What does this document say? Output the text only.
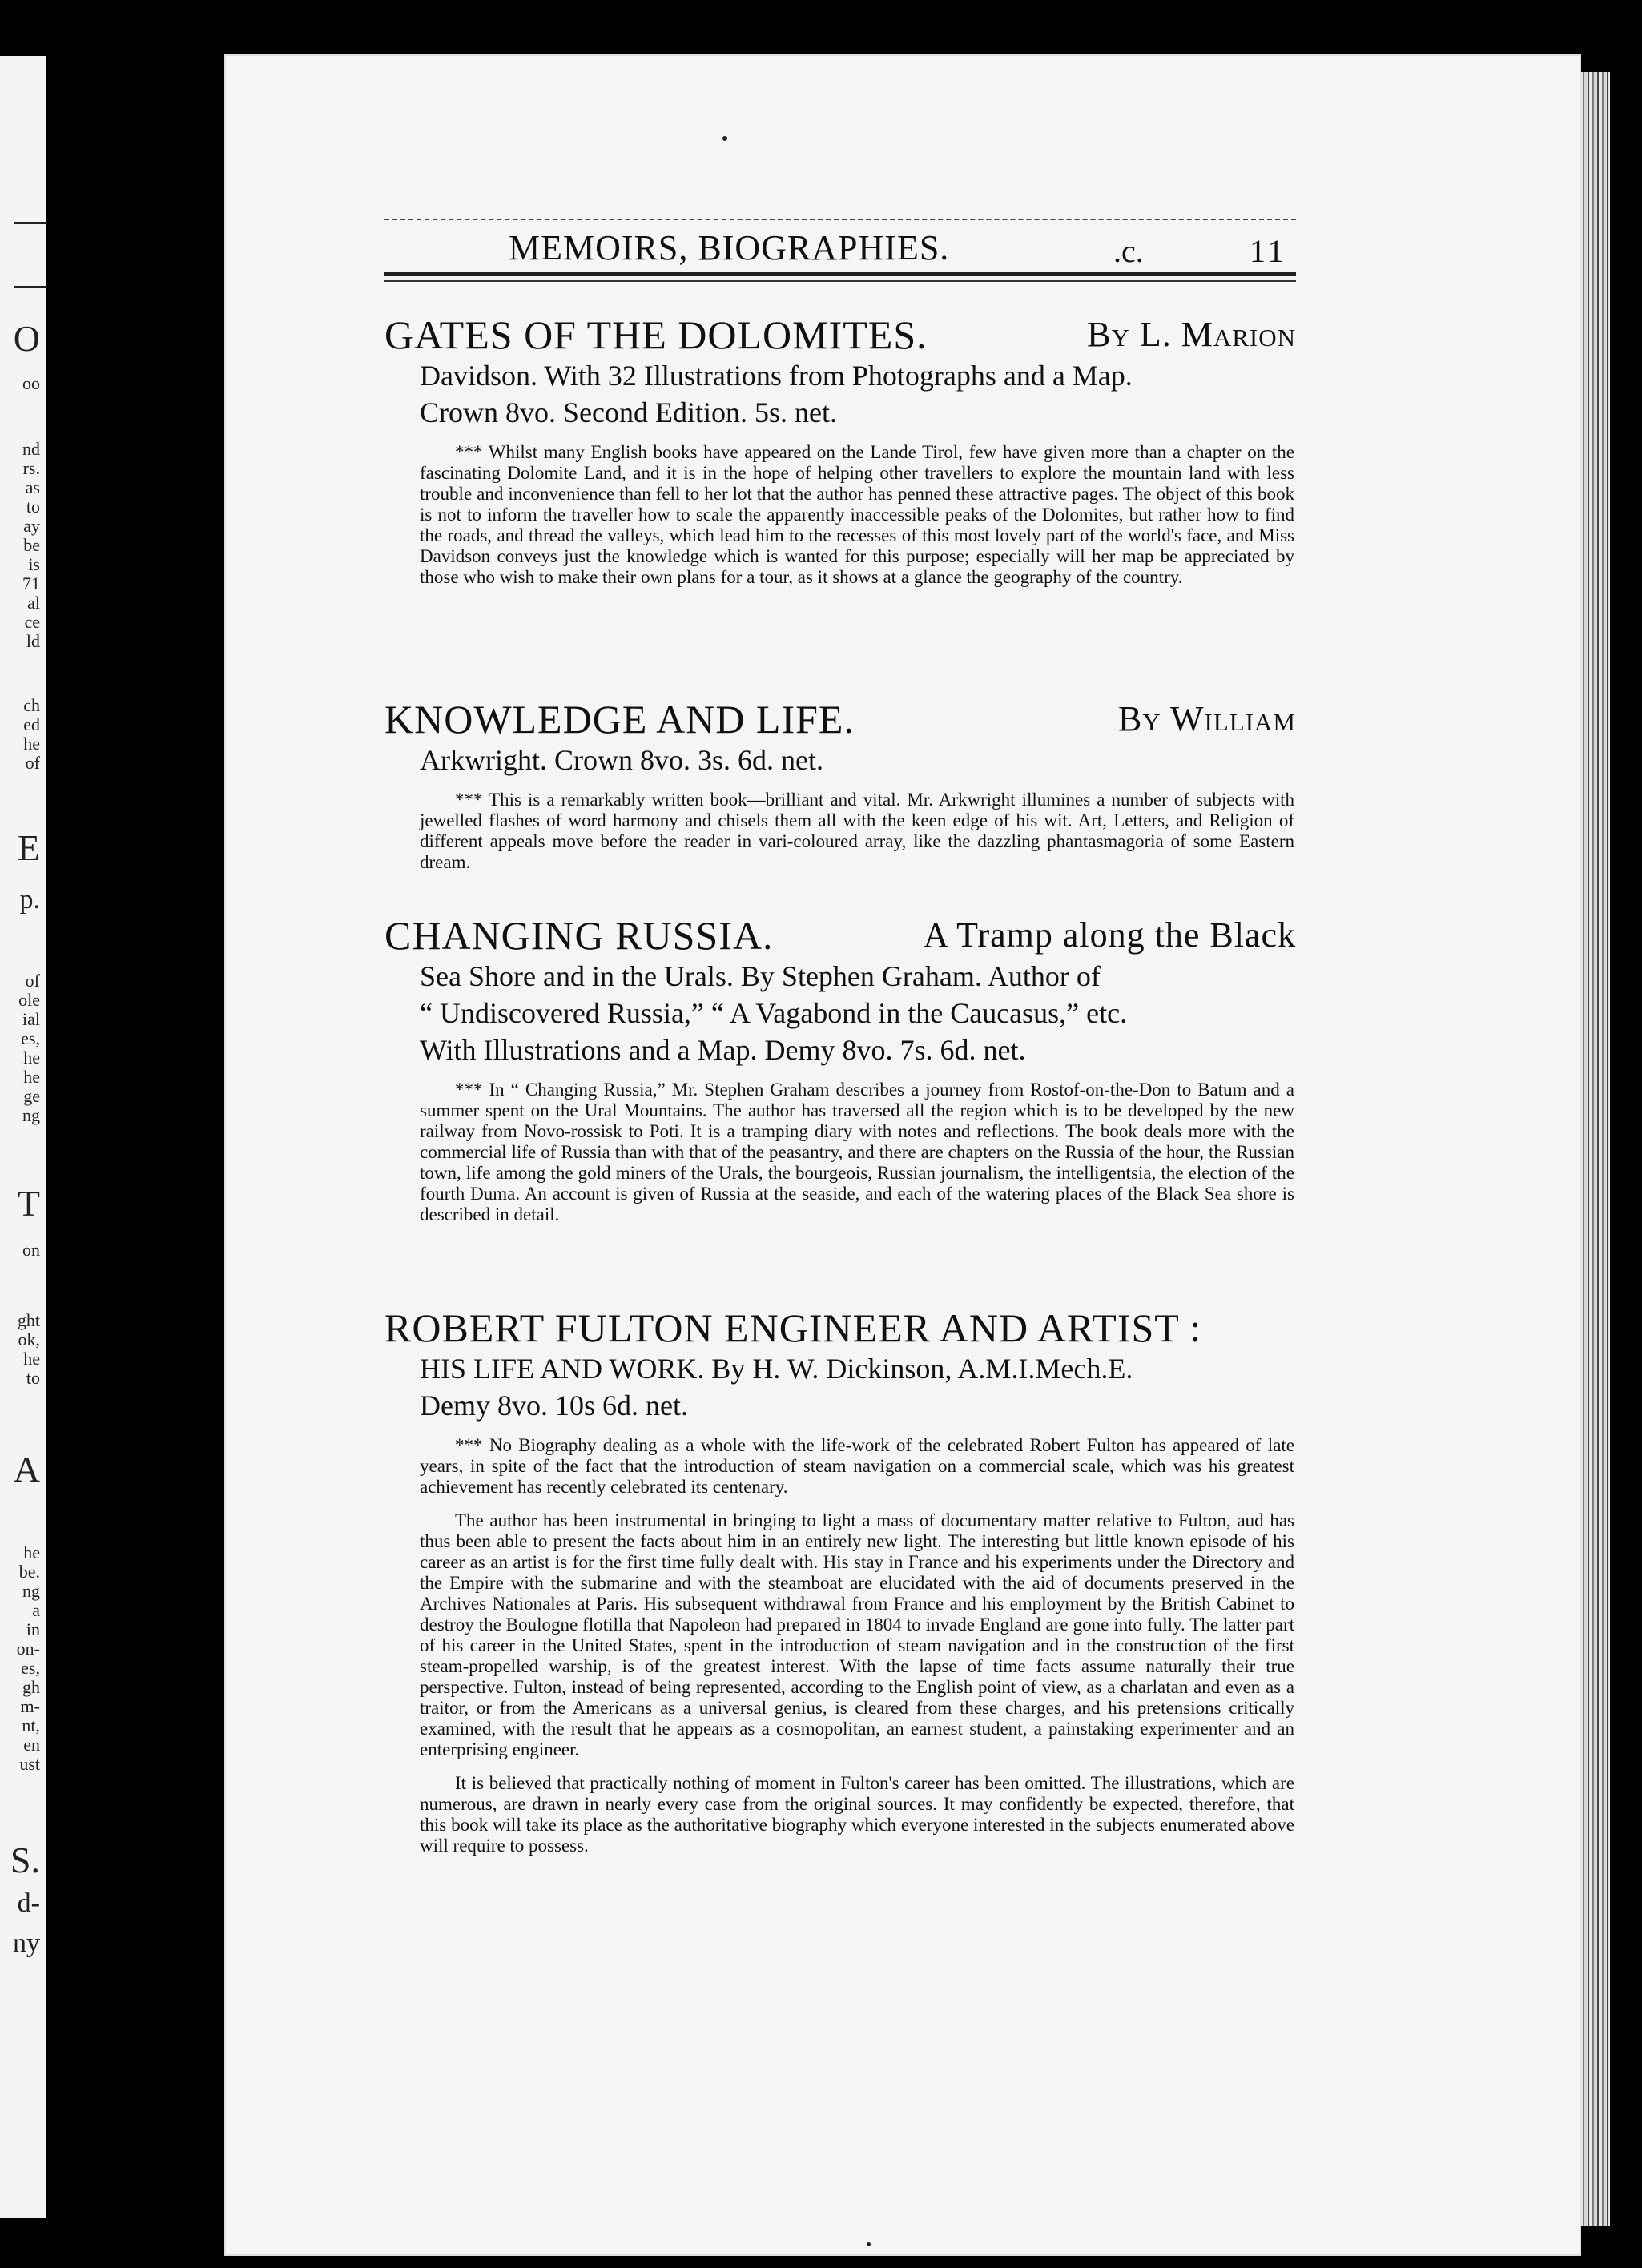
O
oo
nd
rs.
as
to
ay
be
is
71
al
ce
ld
ch
ed
he
of
E
p.
of
ole
ial
es,
he
he
ge
ng
T
on
ght
ok,
he
to
A
he
be.
ng
a
in
on-
es,
gh
m-
nt,
en
ust
S.
d-
ny
MEMOIRS, BIOGRAPHIES.	.c.	11
GATES OF THE DOLOMITES.	By L. Marion
Davidson. With 32 Illustrations from Photographs and a Map.
Crown 8vo. Second Edition. 5s. net.

*** Whilst many English books have appeared on the Lande Tirol, few have given more than a chapter on the fascinating Dolomite Land, and it is in the hope of helping other travellers to explore the mountain land with less trouble and inconvenience than fell to her lot that the author has penned these attractive pages. The object of this book is not to inform the traveller how to scale the apparently inaccessible peaks of the Dolomites, but rather how to find the roads, and thread the valleys, which lead him to the recesses of this most lovely part of the world's face, and Miss Davidson conveys just the knowledge which is wanted for this purpose; especially will her map be appreciated by those who wish to make their own plans for a tour, as it shows at a glance the geography of the country.

KNOWLEDGE AND LIFE.	By William
Arkwright. Crown 8vo. 3s. 6d. net.

*** This is a remarkably written book—brilliant and vital. Mr. Arkwright illumines a number of subjects with jewelled flashes of word harmony and chisels them all with the keen edge of his wit. Art, Letters, and Religion of different appeals move before the reader in vari-coloured array, like the dazzling phantasmagoria of some Eastern dream.

CHANGING RUSSIA.	A Tramp along the Black
Sea Shore and in the Urals. By Stephen Graham. Author of
“ Undiscovered Russia,” “ A Vagabond in the Caucasus,” etc.
With Illustrations and a Map. Demy 8vo. 7s. 6d. net.

*** In “ Changing Russia,” Mr. Stephen Graham describes a journey from Rostof-on-the-Don to Batum and a summer spent on the Ural Mountains. The author has traversed all the region which is to be developed by the new railway from Novo-rossisk to Poti. It is a tramping diary with notes and reflections. The book deals more with the commercial life of Russia than with that of the peasantry, and there are chapters on the Russia of the hour, the Russian town, life among the gold miners of the Urals, the bourgeois, Russian journalism, the intelligentsia, the election of the fourth Duma. An account is given of Russia at the seaside, and each of the watering places of the Black Sea shore is described in detail.

ROBERT FULTON ENGINEER AND ARTIST :
HIS LIFE AND WORK. By H. W. Dickinson, A.M.I.Mech.E.
Demy 8vo. 10s 6d. net.

*** No Biography dealing as a whole with the life-work of the celebrated Robert Fulton has appeared of late years, in spite of the fact that the introduction of steam navigation on a commercial scale, which was his greatest achievement has recently celebrated its centenary.

The author has been instrumental in bringing to light a mass of documentary matter relative to Fulton, aud has thus been able to present the facts about him in an entirely new light. The interesting but little known episode of his career as an artist is for the first time fully dealt with. His stay in France and his experiments under the Directory and the Empire with the submarine and with the steamboat are elucidated with the aid of documents preserved in the Archives Nationales at Paris. His subsequent withdrawal from France and his employment by the British Cabinet to destroy the Boulogne flotilla that Napoleon had prepared in 1804 to invade England are gone into fully. The latter part of his career in the United States, spent in the introduction of steam navigation and in the construction of the first steam-propelled warship, is of the greatest interest. With the lapse of time facts assume naturally their true perspective. Fulton, instead of being represented, according to the English point of view, as a charlatan and even as a traitor, or from the Americans as a universal genius, is cleared from these charges, and his pretensions critically examined, with the result that he appears as a cosmopolitan, an earnest student, a painstaking experimenter and an enterprising engineer.

It is believed that practically nothing of moment in Fulton's career has been omitted. The illustrations, which are numerous, are drawn in nearly every case from the original sources. It may confidently be expected, therefore, that this book will take its place as the authoritative biography which everyone interested in the subjects enumerated above will require to possess.
